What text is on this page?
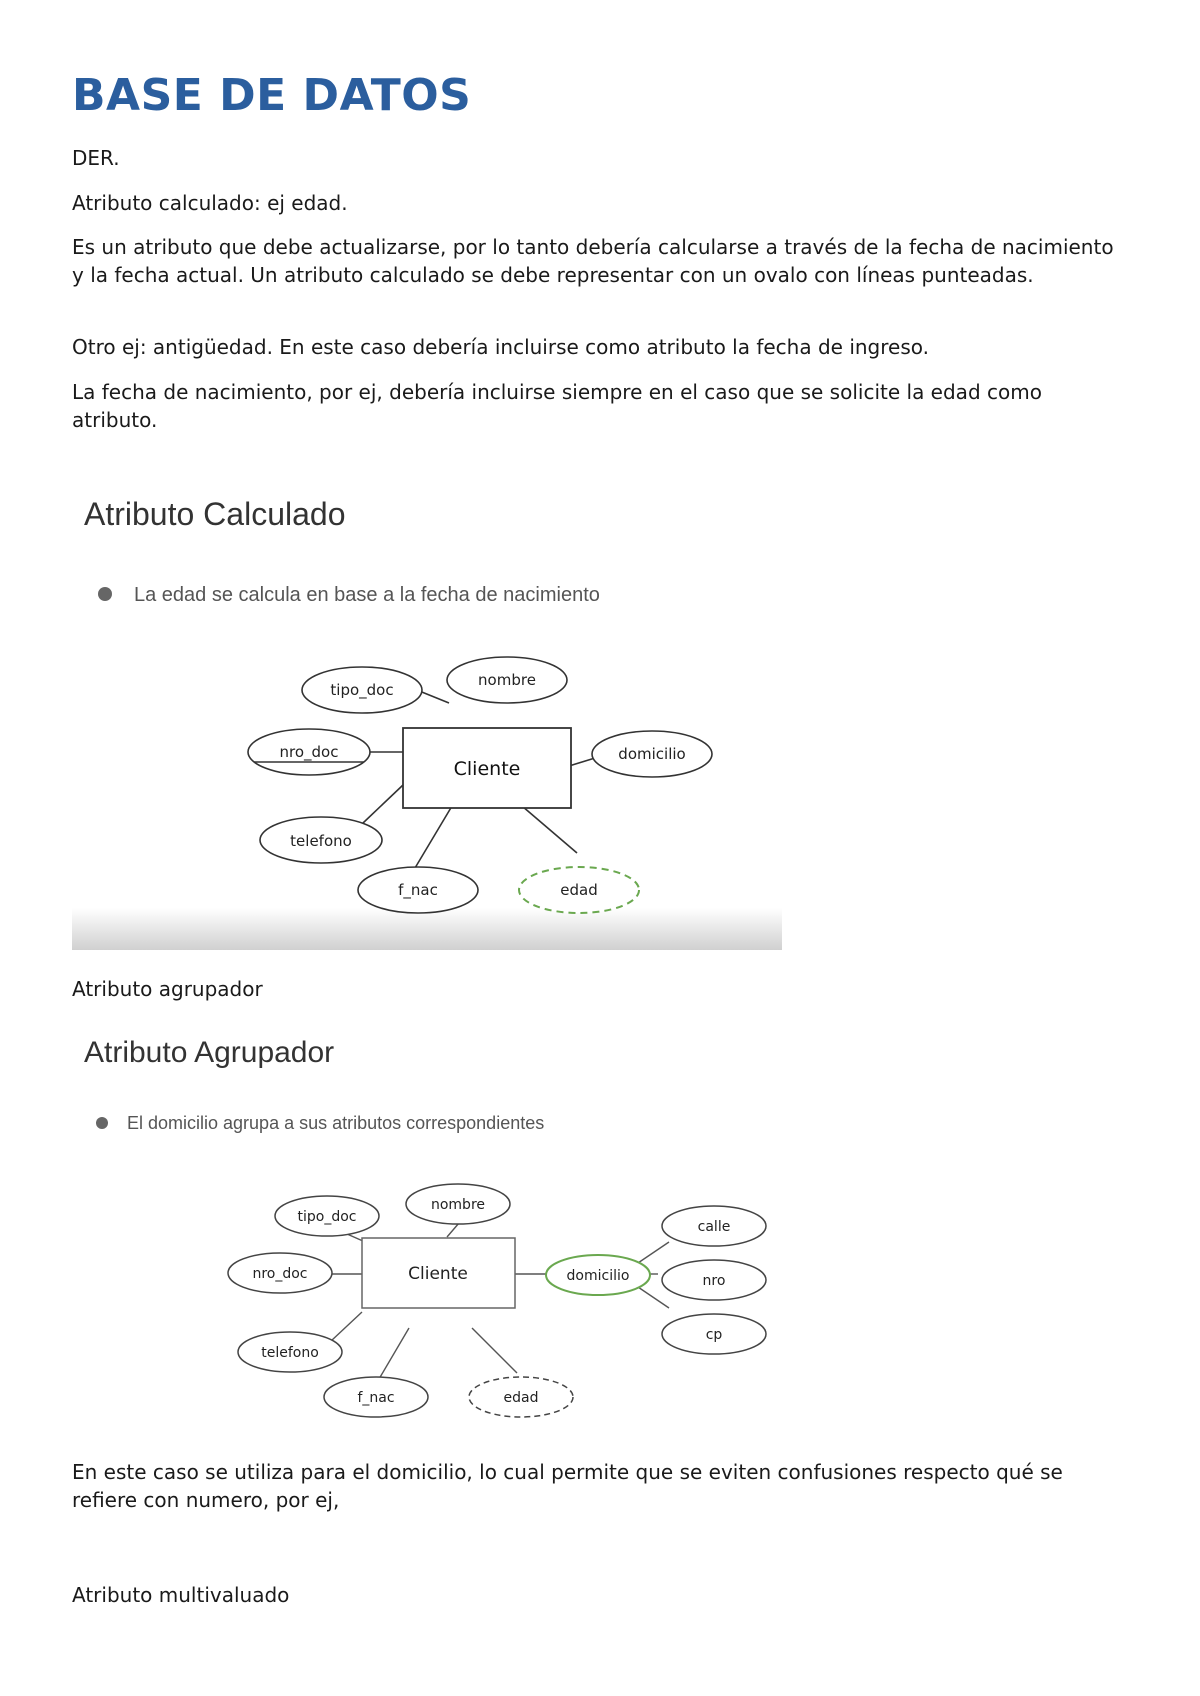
BASE DE DATOS

DER.

Atributo calculado: ej edad.

Es un atributo que debe actualizarse, por lo tanto debería calcularse a través de la fecha de nacimiento y la fecha actual. Un atributo calculado se debe representar con un ovalo con líneas punteadas.

Otro ej: antigüedad. En este caso debería incluirse como atributo la fecha de ingreso.

La fecha de nacimiento, por ej, debería incluirse siempre en el caso que se solicite la edad como atributo.

Atributo agrupador

En este caso se utiliza para el domicilio, lo cual permite que se eviten confusiones respecto qué se refiere con numero, por ej,

Atributo multivaluado

Atributo Calculado
La edad se calcula en base a la fecha de nacimiento
Cliente
tipo_doc
nombre
nro_doc	domicilio
telefono
f_nac	edad
Atributo Agrupador
El domicilio agrupa a sus atributos correspondientes
Cliente
tipo_doc
nombre
nro_doc
telefono
f_nac	edad
domicilio
calle
nro
cp
